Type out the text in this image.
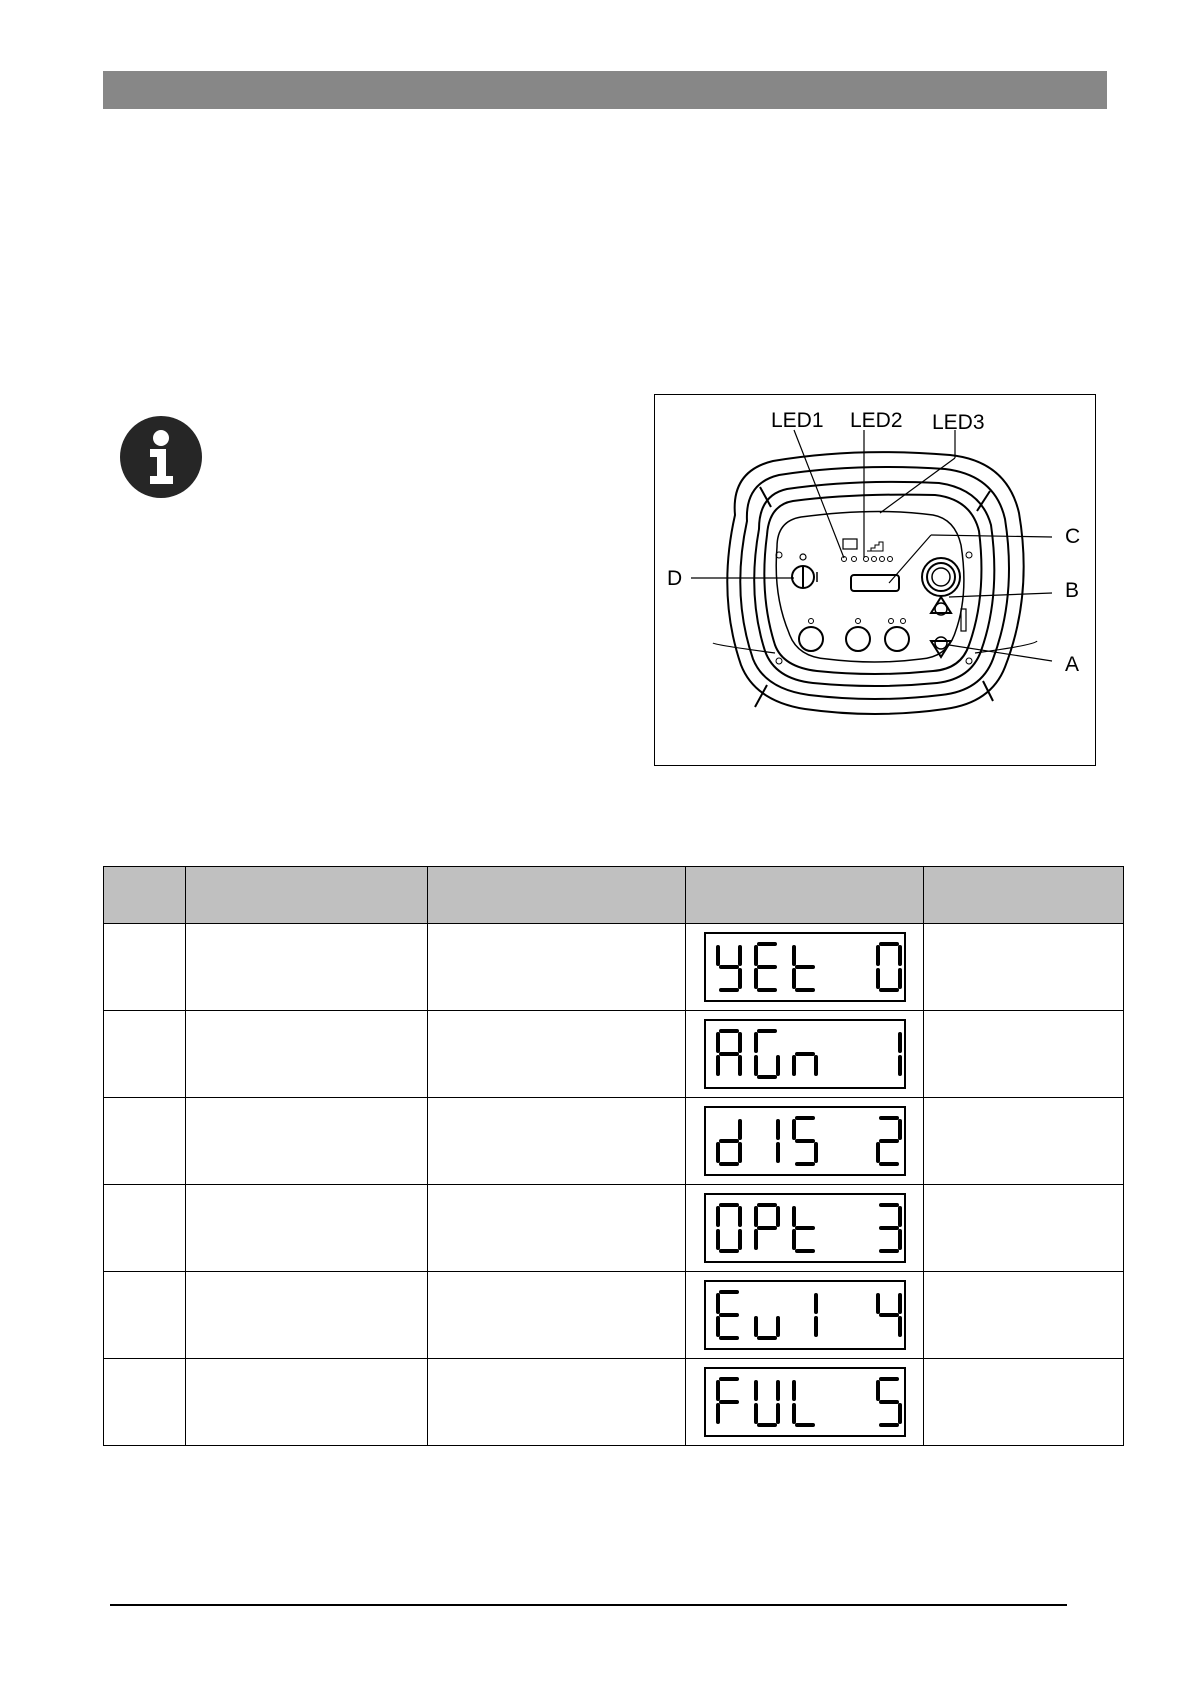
LED1 LED2 LED3
C
B
A
D
